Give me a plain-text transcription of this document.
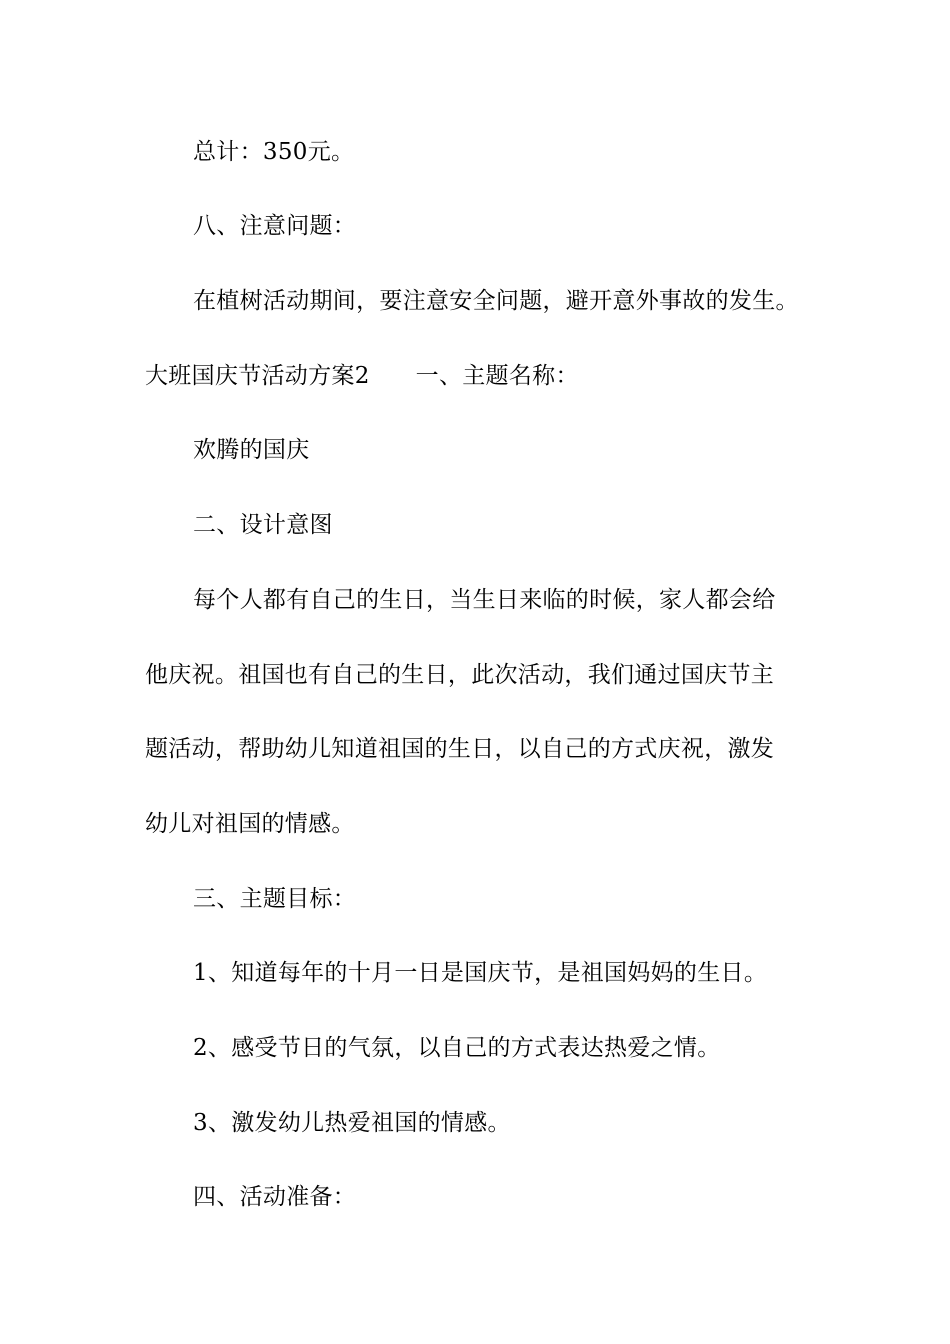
总计：350元。
八、注意问题：
在植树活动期间，要注意安全问题，避开意外事故的发生。
大班国庆节活动方案2 一、主题名称：
欢腾的国庆
二、设计意图
每个人都有自己的生日，当生日来临的时候，家人都会给
他庆祝。祖国也有自己的生日，此次活动，我们通过国庆节主
题活动，帮助幼儿知道祖国的生日，以自己的方式庆祝，激发
幼儿对祖国的情感。
三、主题目标：
1、知道每年的十月一日是国庆节，是祖国妈妈的生日。
2、感受节日的气氛，以自己的方式表达热爱之情。
3、激发幼儿热爱祖国的情感。
四、活动准备：
